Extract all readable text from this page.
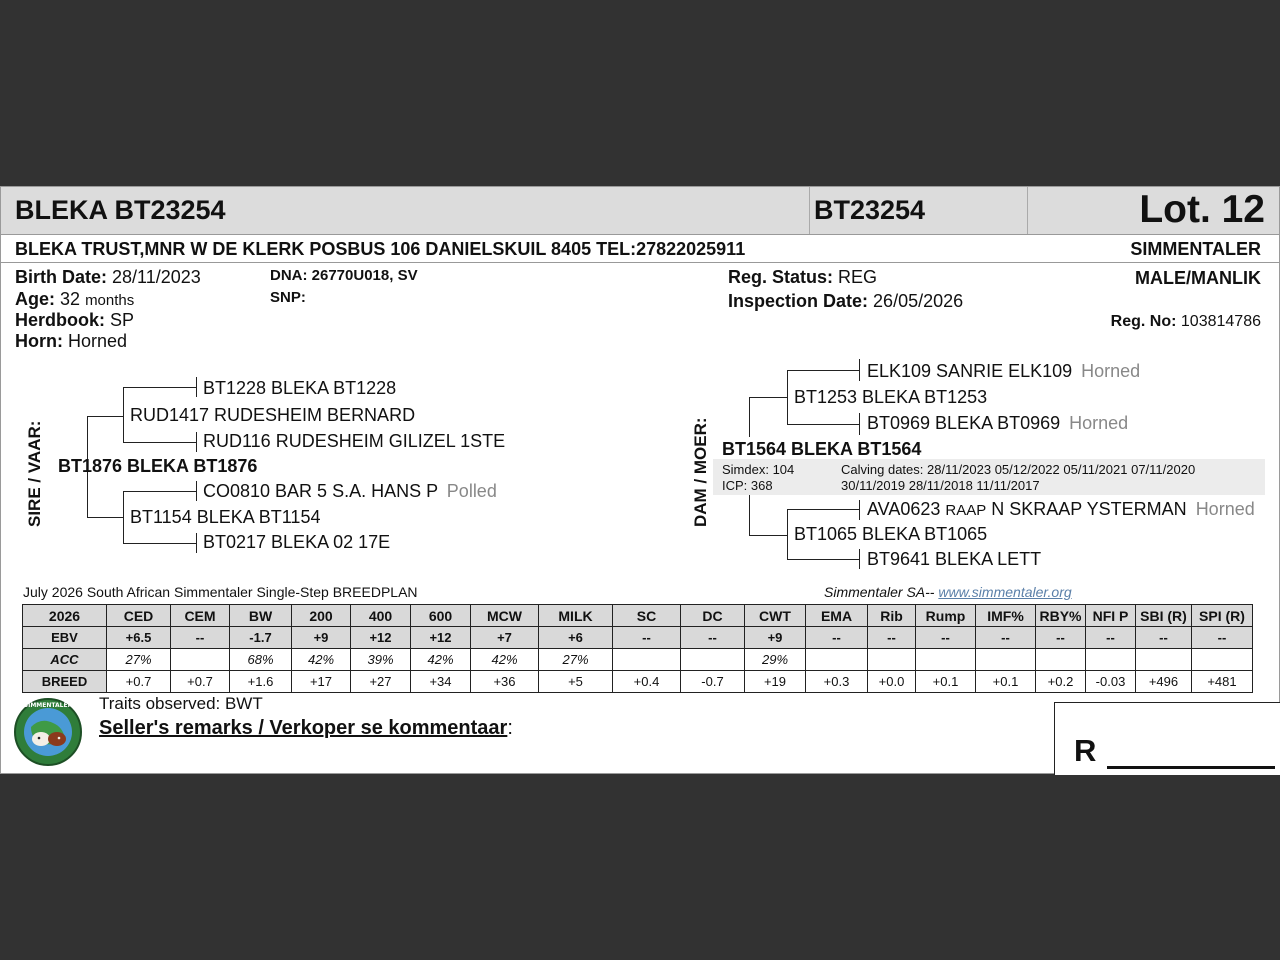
BLEKA BT23254	BT23254	Lot. 12
BLEKA TRUST,MNR W DE KLERK POSBUS 106 DANIELSKUIL 8405 TEL:27822025911	SIMMENTALER
Birth Date: 28/11/2023
Age: 32 months
Herdbook: SP
Horn: Horned
DNA: 26770U018, SV
SNP:
Reg. Status: REG
Inspection Date: 26/05/2026
MALE/MANLIK
Reg. No: 103814786
SIRE / VAAR:
BT1228 BLEKA BT1228
RUD1417 RUDESHEIM BERNARD
RUD116 RUDESHEIM GILIZEL 1STE
BT1876 BLEKA BT1876
CO0810 BAR 5 S.A. HANS P Polled
BT1154 BLEKA BT1154
BT0217 BLEKA 02 17E
DAM / MOER:
ELK109 SANRIE ELK109 Horned
BT1253 BLEKA BT1253
BT0969 BLEKA BT0969 Horned
BT1564 BLEKA BT1564
Simdex: 104
ICP: 368
Calving dates: 28/11/2023 05/12/2022 05/11/2021 07/11/2020
30/11/2019 28/11/2018 11/11/2017
AVA0623 RAAP N SKRAAP YSTERMAN Horned
BT1065 BLEKA BT1065
BT9641 BLEKA LETT
July 2026 South African Simmentaler Single-Step BREEDPLAN	Simmentaler SA-- www.simmentaler.org
2026	CED	CEM	BW	200	400	600	MCW	MILK	SC	DC	CWT	EMA	Rib	Rump	IMF%	RBY%	NFI P	SBI (R)	SPI (R)
EBV	+6.5	--	-1.7	+9	+12	+12	+7	+6	--	--	+9	--	--	--	--	--	--	--	--
ACC	27%		68%	42%	39%	42%	42%	27%			29%								
BREED	+0.7	+0.7	+1.6	+17	+27	+34	+36	+5	+0.4	-0.7	+19	+0.3	+0.0	+0.1	+0.1	+0.2	-0.03	+496	+481
SIMMENTALER Traits observed: BWT
Seller's remarks / Verkoper se kommentaar:
R
